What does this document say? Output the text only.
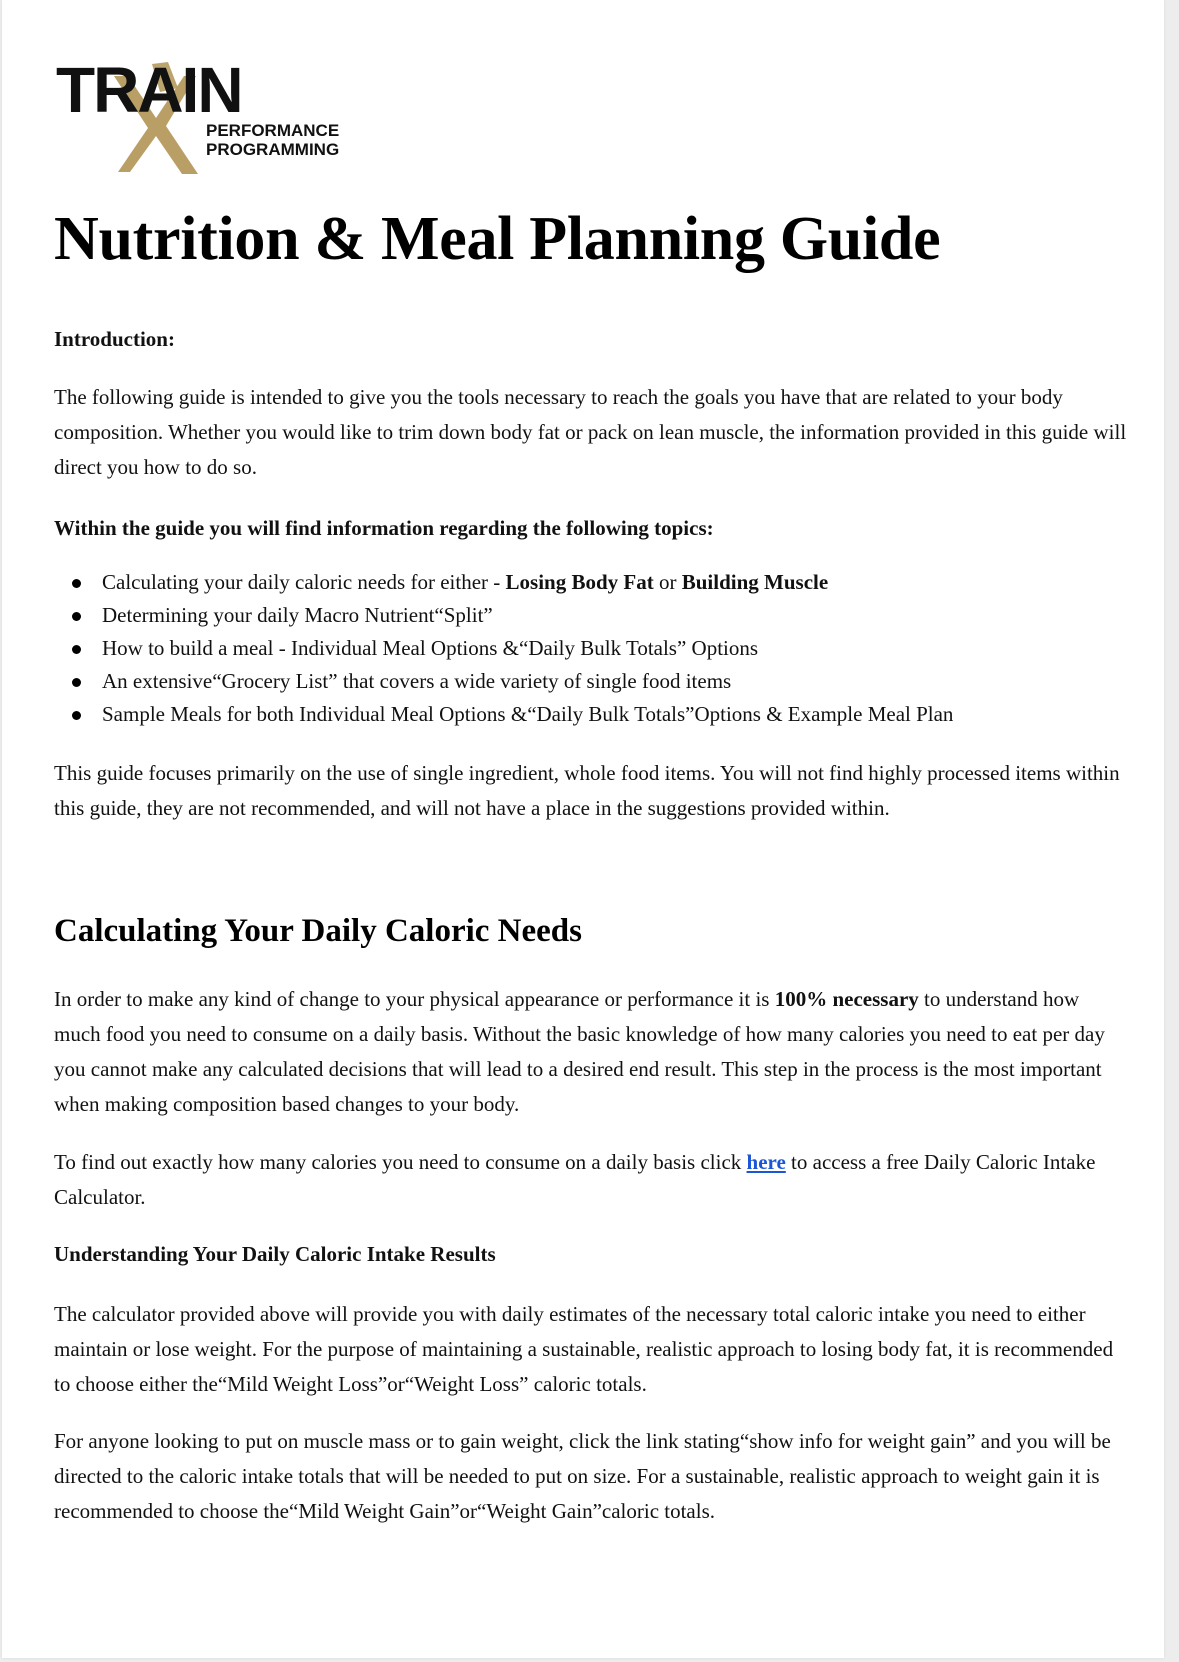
TRAIN
PERFORMANCE
PROGRAMMING
Nutrition & Meal Planning Guide

Introduction:

The following guide is intended to give you the tools necessary to reach the goals you have that are related to your body composition. Whether you would like to trim down body fat or pack on lean muscle, the information provided in this guide will direct you how to do so.

Within the guide you will find information regarding the following topics:

Calculating your daily caloric needs for either - Losing Body Fat or Building Muscle
Determining your daily Macro Nutrient“Split”
How to build a meal - Individual Meal Options &“Daily Bulk Totals” Options
An extensive“Grocery List” that covers a wide variety of single food items
Sample Meals for both Individual Meal Options &“Daily Bulk Totals”Options & Example Meal Plan

This guide focuses primarily on the use of single ingredient, whole food items. You will not find highly processed items within this guide, they are not recommended, and will not have a place in the suggestions provided within.

Calculating Your Daily Caloric Needs

In order to make any kind of change to your physical appearance or performance it is 100% necessary to understand how much food you need to consume on a daily basis. Without the basic knowledge of how many calories you need to eat per day you cannot make any calculated decisions that will lead to a desired end result. This step in the process is the most important when making composition based changes to your body.

To find out exactly how many calories you need to consume on a daily basis click here to access a free Daily Caloric Intake Calculator.

Understanding Your Daily Caloric Intake Results

The calculator provided above will provide you with daily estimates of the necessary total caloric intake you need to either maintain or lose weight. For the purpose of maintaining a sustainable, realistic approach to losing body fat, it is recommended to choose either the“Mild Weight Loss”or“Weight Loss” caloric totals.

For anyone looking to put on muscle mass or to gain weight, click the link stating“show info for weight gain” and you will be directed to the caloric intake totals that will be needed to put on size. For a sustainable, realistic approach to weight gain it is recommended to choose the“Mild Weight Gain”or“Weight Gain”caloric totals.
